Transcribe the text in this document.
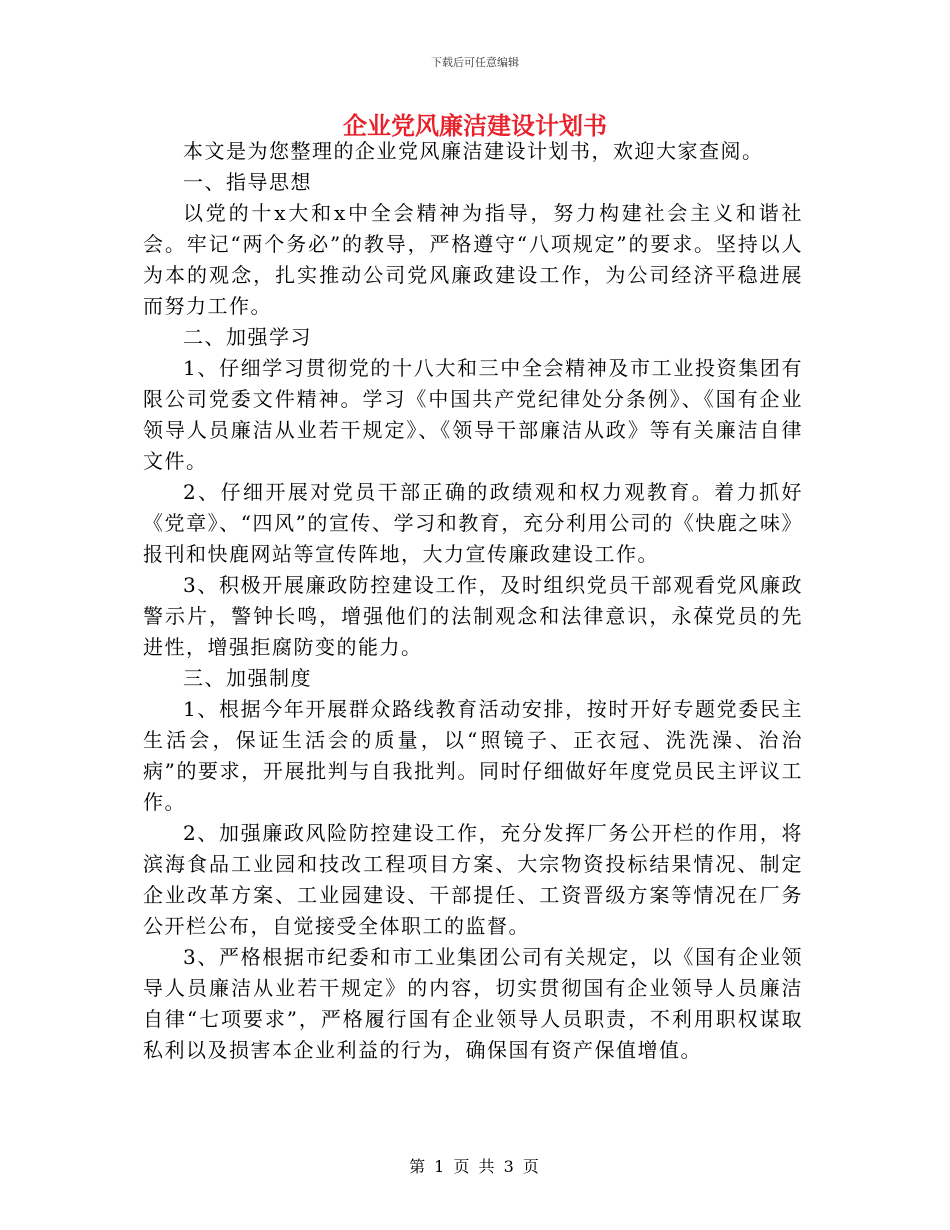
下载后可任意编辑
企业党风廉洁建设计划书

本文是为您整理的企业党风廉洁建设计划书，欢迎大家查阅。

一、指导思想

以党的十x大和x中全会精神为指导，努力构建社会主义和谐社会。牢记“两个务必”的教导，严格遵守“八项规定”的要求。坚持以人为本的观念，扎实推动公司党风廉政建设工作，为公司经济平稳进展而努力工作。

二、加强学习

1、仔细学习贯彻党的十八大和三中全会精神及市工业投资集团有限公司党委文件精神。学习《中国共产党纪律处分条例》、《国有企业领导人员廉洁从业若干规定》、《领导干部廉洁从政》等有关廉洁自律文件。

2、仔细开展对党员干部正确的政绩观和权力观教育。着力抓好《党章》、“四风”的宣传、学习和教育，充分利用公司的《快鹿之味》报刊和快鹿网站等宣传阵地，大力宣传廉政建设工作。

3、积极开展廉政防控建设工作，及时组织党员干部观看党风廉政警示片，警钟长鸣，增强他们的法制观念和法律意识，永葆党员的先进性，增强拒腐防变的能力。

三、加强制度

1、根据今年开展群众路线教育活动安排，按时开好专题党委民主生活会，保证生活会的质量，以“照镜子、正衣冠、洗洗澡、治治病”的要求，开展批判与自我批判。同时仔细做好年度党员民主评议工作。

2、加强廉政风险防控建设工作，充分发挥厂务公开栏的作用，将滨海食品工业园和技改工程项目方案、大宗物资投标结果情况、制定企业改革方案、工业园建设、干部提任、工资晋级方案等情况在厂务公开栏公布，自觉接受全体职工的监督。

3、严格根据市纪委和市工业集团公司有关规定，以《国有企业领导人员廉洁从业若干规定》的内容，切实贯彻国有企业领导人员廉洁自律“七项要求”，严格履行国有企业领导人员职责，不利用职权谋取私利以及损害本企业利益的行为，确保国有资产保值增值。

第 1 页 共 3 页
